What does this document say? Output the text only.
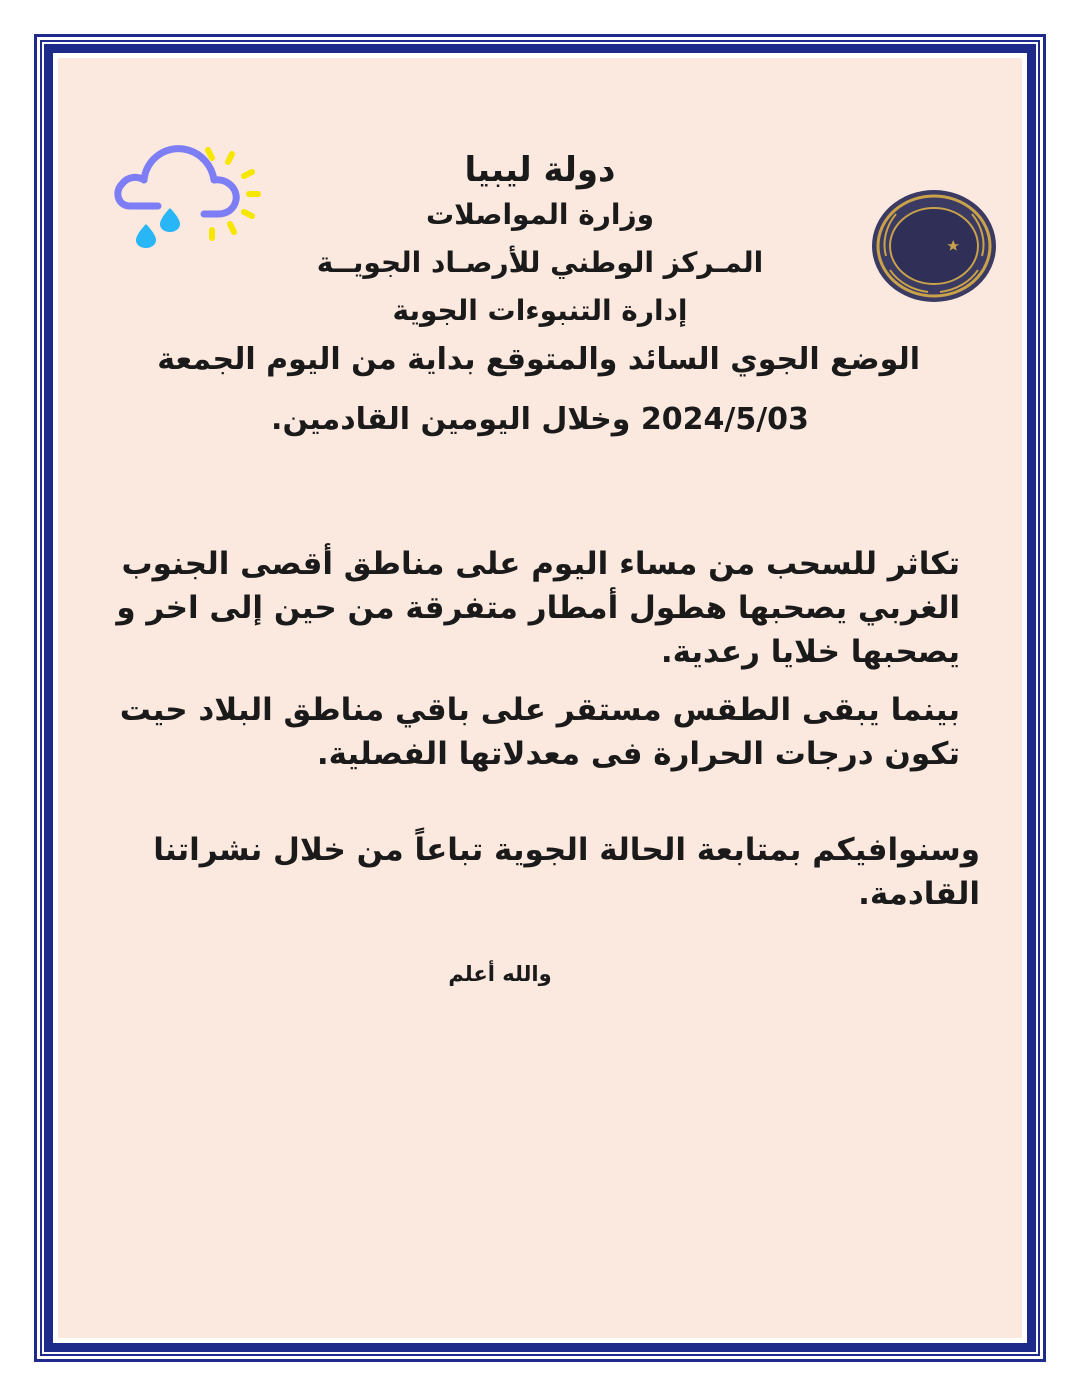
دولة ليبيا
وزارة المواصلات
المـركز الوطني للأرصـاد الجويــة
إدارة التنبوءات الجوية
الوضع الجوي السائد والمتوقع بداية من اليوم الجمعة
2024/5/03 وخلال اليومين القادمين.
تكاثر للسحب من مساء اليوم على مناطق أقصى الجنوب الغربي يصحبها هطول أمطار متفرقة من حين إلى اخر و يصحبها خلايا رعدية.
بينما يبقى الطقس مستقر على باقي مناطق البلاد حيت تكون درجات الحرارة فى معدلاتها الفصلية.
وسنوافيكم بمتابعة الحالة الجوية تباعاً من خلال نشراتنا القادمة.
والله أعلم
